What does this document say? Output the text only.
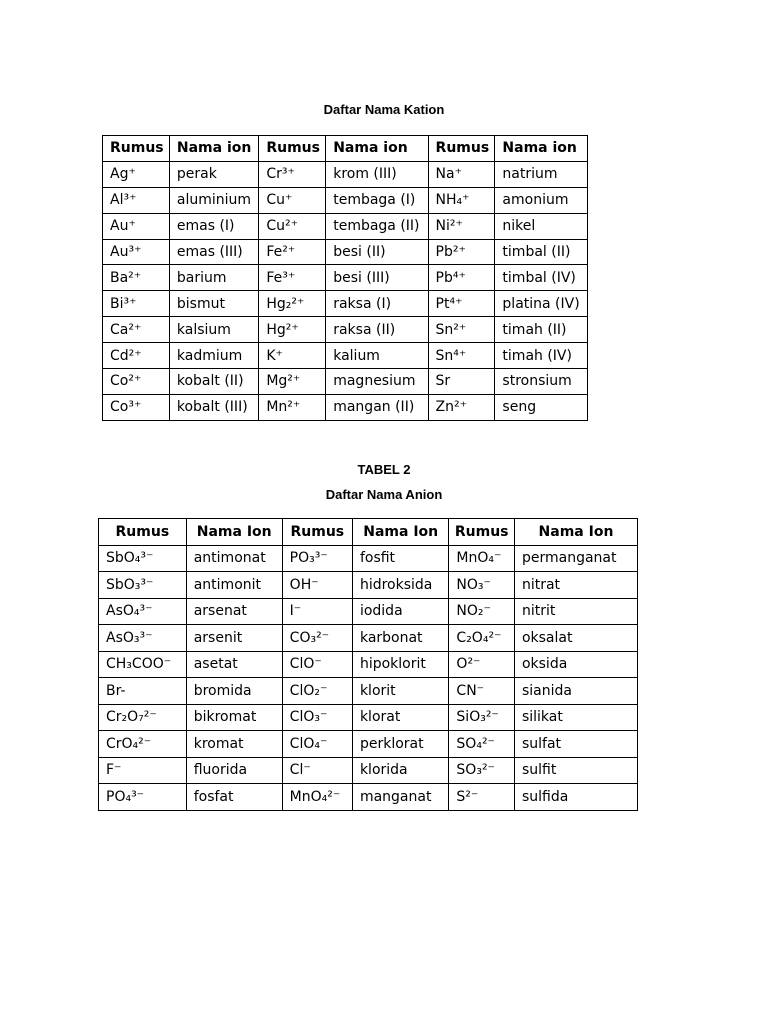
Daftar Nama Kation
Rumus	Nama ion	Rumus	Nama ion	Rumus	Nama ion
Ag⁺	perak	Cr³⁺	krom (III)	Na⁺	natrium
Al³⁺	aluminium	Cu⁺	tembaga (I)	NH₄⁺	amonium
Au⁺	emas (I)	Cu²⁺	tembaga (II)	Ni²⁺	nikel
Au³⁺	emas (III)	Fe²⁺	besi (II)	Pb²⁺	timbal (II)
Ba²⁺	barium	Fe³⁺	besi (III)	Pb⁴⁺	timbal (IV)
Bi³⁺	bismut	Hg₂²⁺	raksa (I)	Pt⁴⁺	platina (IV)
Ca²⁺	kalsium	Hg²⁺	raksa (II)	Sn²⁺	timah (II)
Cd²⁺	kadmium	K⁺	kalium	Sn⁴⁺	timah (IV)
Co²⁺	kobalt (II)	Mg²⁺	magnesium	Sr	stronsium
Co³⁺	kobalt (III)	Mn²⁺	mangan (II)	Zn²⁺	seng
TABEL 2
Daftar Nama Anion
Rumus	Nama Ion	Rumus	Nama Ion	Rumus	Nama Ion
SbO₄³⁻	antimonat	PO₃³⁻	fosfit	MnO₄⁻	permanganat
SbO₃³⁻	antimonit	OH⁻	hidroksida	NO₃⁻	nitrat
AsO₄³⁻	arsenat	I⁻	iodida	NO₂⁻	nitrit
AsO₃³⁻	arsenit	CO₃²⁻	karbonat	C₂O₄²⁻	oksalat
CH₃COO⁻	asetat	ClO⁻	hipoklorit	O²⁻	oksida
Br-	bromida	ClO₂⁻	klorit	CN⁻	sianida
Cr₂O₇²⁻	bikromat	ClO₃⁻	klorat	SiO₃²⁻	silikat
CrO₄²⁻	kromat	ClO₄⁻	perklorat	SO₄²⁻	sulfat
F⁻	fluorida	Cl⁻	klorida	SO₃²⁻	sulfit
PO₄³⁻	fosfat	MnO₄²⁻	manganat	S²⁻	sulfida
